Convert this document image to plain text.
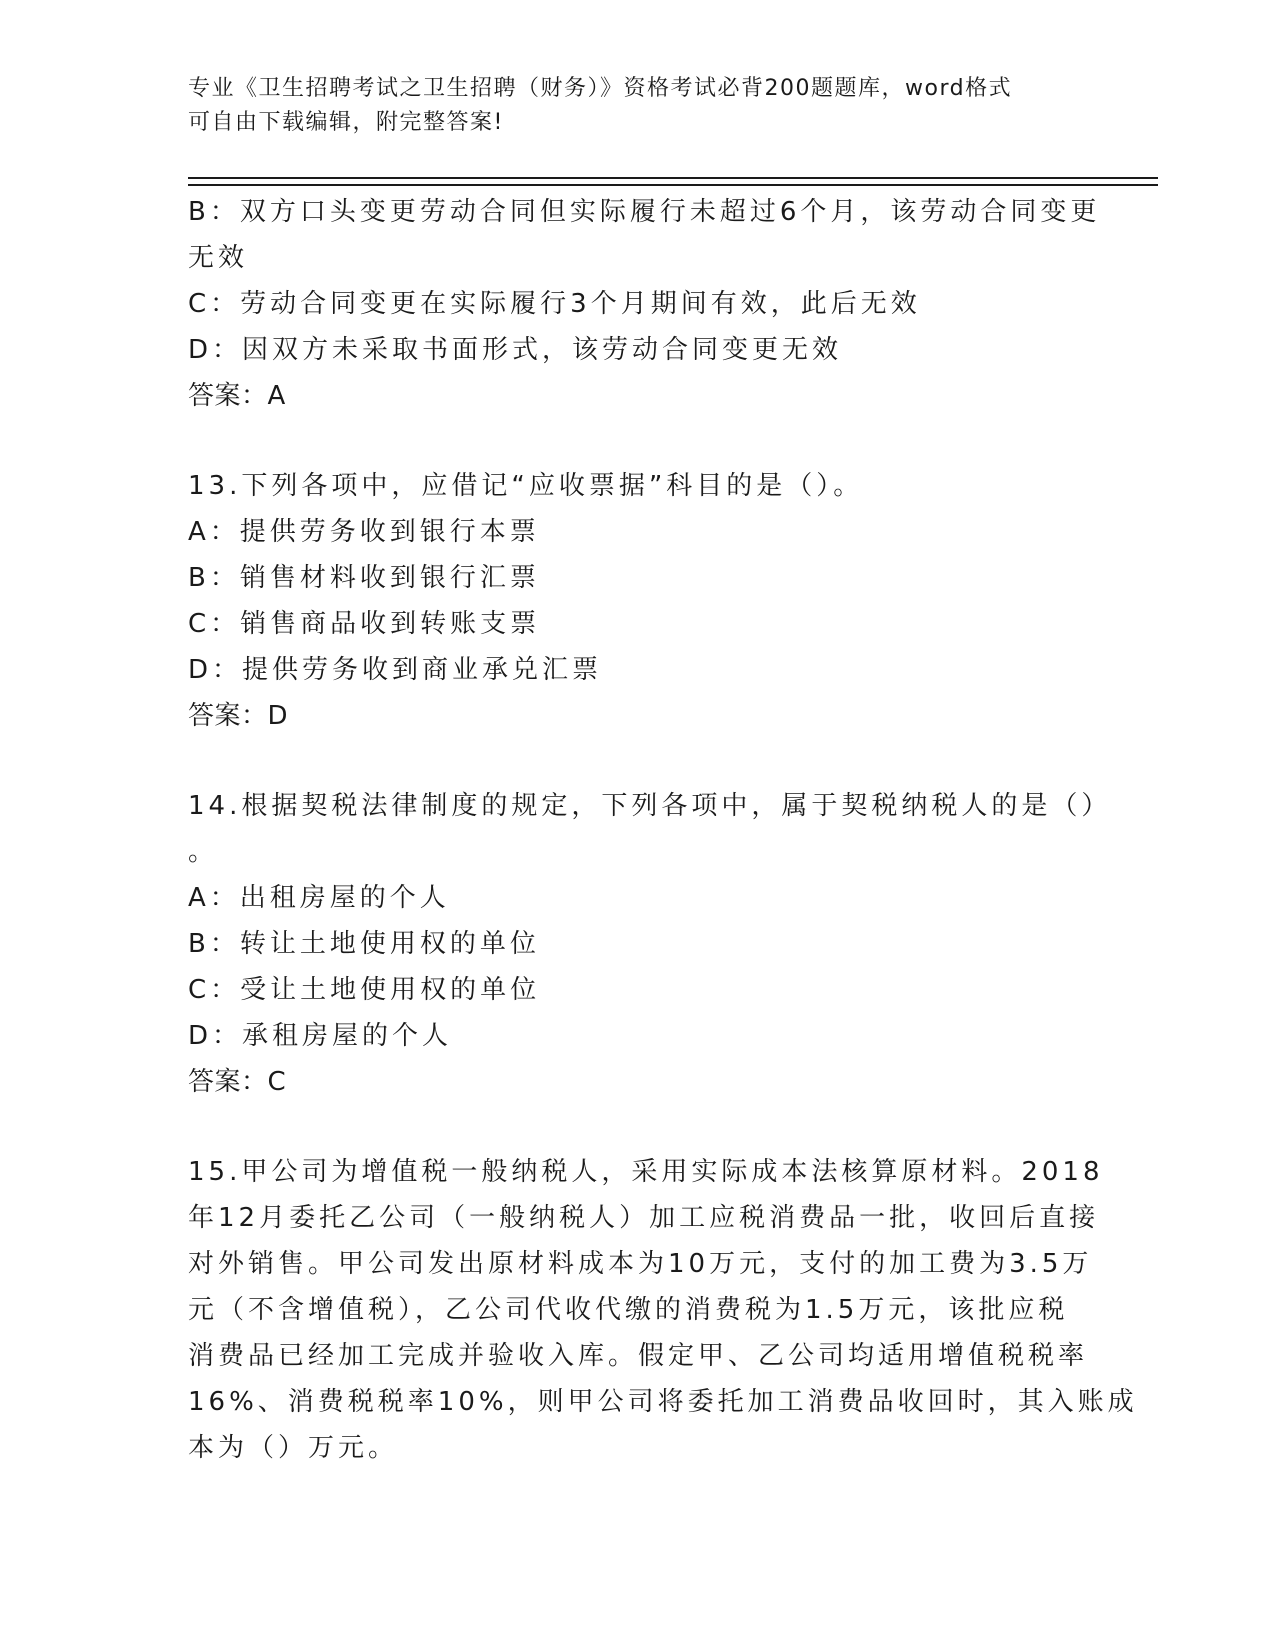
专业《卫生招聘考试之卫生招聘（财务）》资格考试必背200题题库，word格式
可自由下载编辑，附完整答案!
B：双方口头变更劳动合同但实际履行未超过6个月，该劳动合同变更
无效
C：劳动合同变更在实际履行3个月期间有效，此后无效
D：因双方未采取书面形式，该劳动合同变更无效
答案：A
13.下列各项中，应借记“应收票据”科目的是（）。
A：提供劳务收到银行本票
B：销售材料收到银行汇票
C：销售商品收到转账支票
D：提供劳务收到商业承兑汇票
答案：D
14.根据契税法律制度的规定，下列各项中，属于契税纳税人的是（）
。
A：出租房屋的个人
B：转让土地使用权的单位
C：受让土地使用权的单位
D：承租房屋的个人
答案：C
15.甲公司为增值税一般纳税人，采用实际成本法核算原材料。2018
年12月委托乙公司（一般纳税人）加工应税消费品一批，收回后直接
对外销售。甲公司发出原材料成本为10万元，支付的加工费为3.5万
元（不含增值税），乙公司代收代缴的消费税为1.5万元，该批应税
消费品已经加工完成并验收入库。假定甲、乙公司均适用增值税税率
16%、消费税税率10%，则甲公司将委托加工消费品收回时，其入账成
本为（）万元。
